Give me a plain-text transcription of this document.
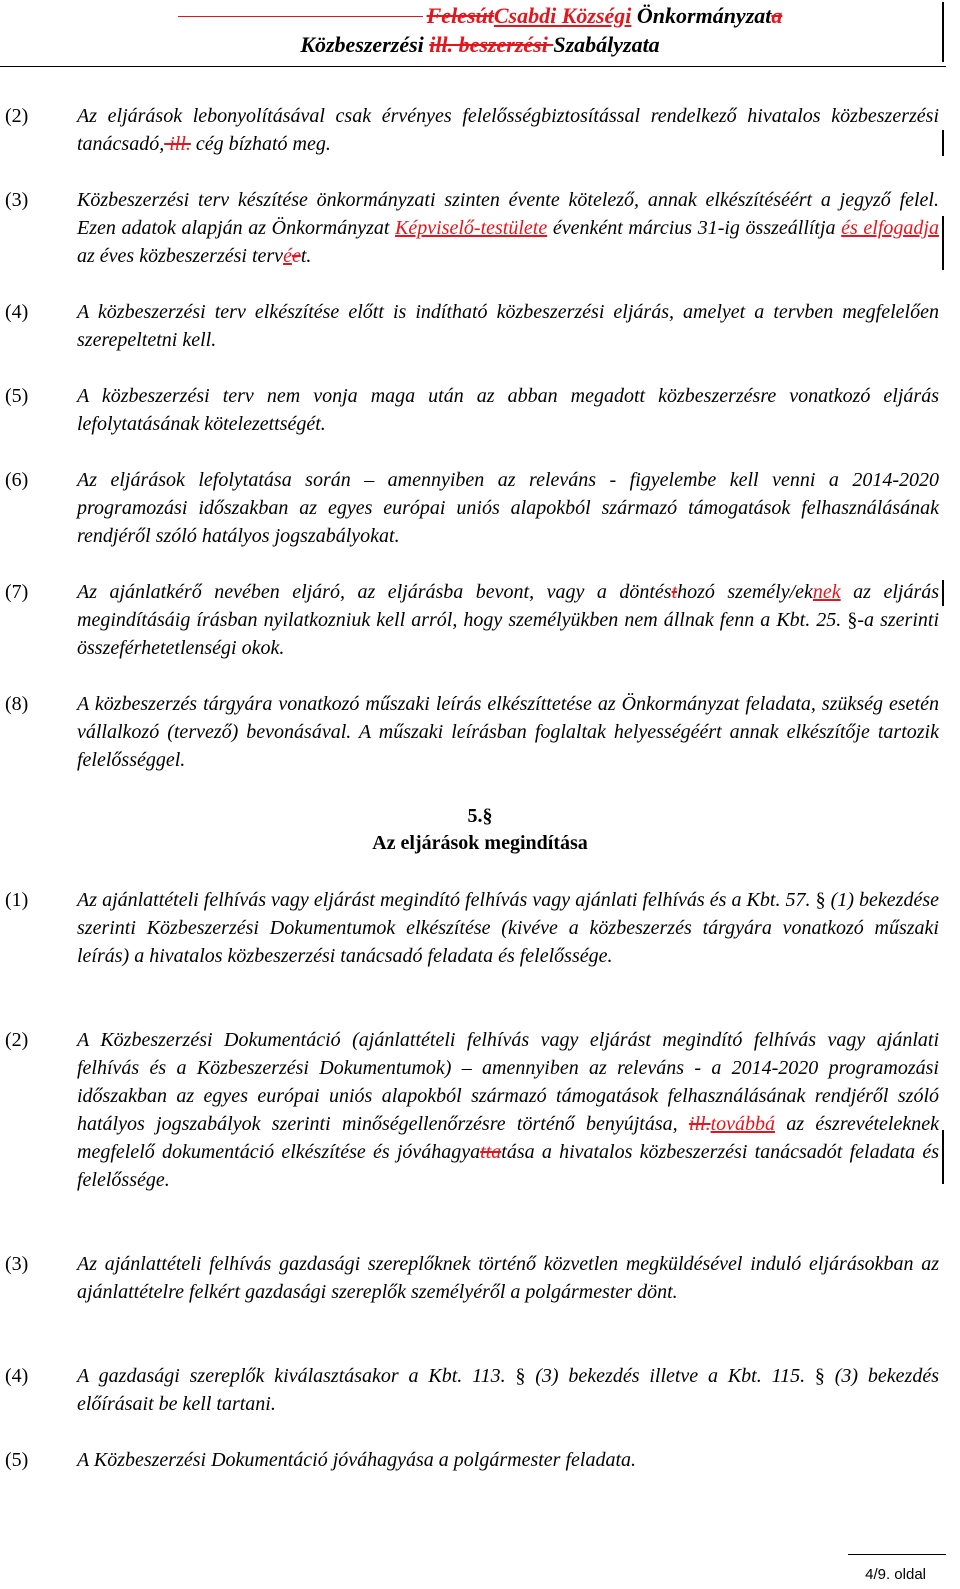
FelesútCsabdi Községi Önkormányzata
Közbeszerzési ill. beszerzési Szabályzata
(2) Az eljárások lebonyolításával csak érvényes felelősségbiztosítással rendelkező hivatalos közbeszerzési tanácsadó, ill. cég bízható meg.
(3) Közbeszerzési terv készítése önkormányzati szinten évente kötelező, annak elkészítéséért a jegyző felel. Ezen adatok alapján az Önkormányzat Képviselő-testülete évenként március 31-ig összeállítja és elfogadja az éves közbeszerzési tervéet.
(4) A közbeszerzési terv elkészítése előtt is indítható közbeszerzési eljárás, amelyet a tervben megfelelően szerepeltetni kell.
(5) A közbeszerzési terv nem vonja maga után az abban megadott közbeszerzésre vonatkozó eljárás lefolytatásának kötelezettségét.
(6) Az eljárások lefolytatása során – amennyiben az releváns - figyelembe kell venni a 2014-2020 programozási időszakban az egyes európai uniós alapokból származó támogatások felhasználásának rendjéről szóló hatályos jogszabályokat.
(7) Az ajánlatkérő nevében eljáró, az eljárásba bevont, vagy a döntésthozó személy/eknek az eljárás megindításáig írásban nyilatkozniuk kell arról, hogy személyükben nem állnak fenn a Kbt. 25. §-a szerinti összeférhetetlenségi okok.
(8) A közbeszerzés tárgyára vonatkozó műszaki leírás elkészíttetése az Önkormányzat feladata, szükség esetén vállalkozó (tervező) bevonásával. A műszaki leírásban foglaltak helyességéért annak elkészítője tartozik felelősséggel.
5.§
Az eljárások megindítása
(1) Az ajánlattételi felhívás vagy eljárást megindító felhívás vagy ajánlati felhívás és a Kbt. 57. § (1) bekezdése szerinti Közbeszerzési Dokumentumok elkészítése (kivéve a közbeszerzés tárgyára vonatkozó műszaki leírás) a hivatalos közbeszerzési tanácsadó feladata és felelőssége.
(2) A Közbeszerzési Dokumentáció (ajánlattételi felhívás vagy eljárást megindító felhívás vagy ajánlati felhívás és a Közbeszerzési Dokumentumok) – amennyiben az releváns - a 2014-2020 programozási időszakban az egyes európai uniós alapokból származó támogatások felhasználásának rendjéről szóló hatályos jogszabályok szerinti minőségellenőrzésre történő benyújtása, ill.továbbá az észrevételeknek megfelelő dokumentáció elkészítése és jóváhagyattatása a hivatalos közbeszerzési tanácsadót feladata és felelőssége.
(3) Az ajánlattételi felhívás gazdasági szereplőknek történő közvetlen megküldésével induló eljárásokban az ajánlattételre felkért gazdasági szereplők személyéről a polgármester dönt.
(4) A gazdasági szereplők kiválasztásakor a Kbt. 113. § (3) bekezdés illetve a Kbt. 115. § (3) bekezdés előírásait be kell tartani.
(5) A Közbeszerzési Dokumentáció jóváhagyása a polgármester feladata.
4/9. oldal
